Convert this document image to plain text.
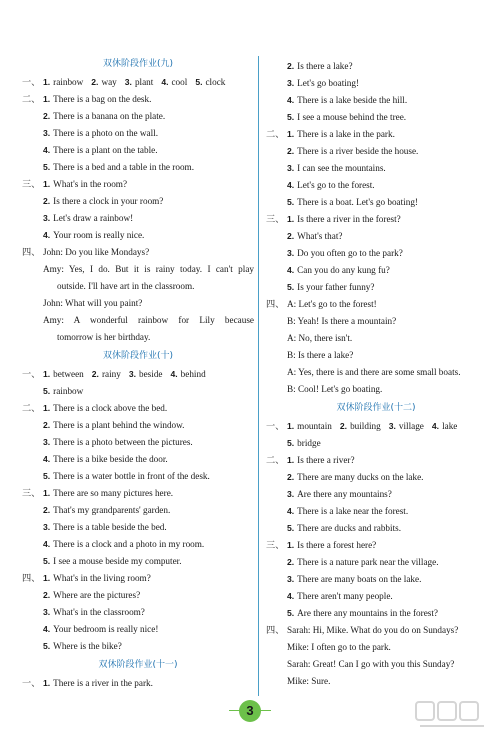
双休阶段作业(九)
一、 1. rainbow 2. way 3. plant 4. cool 5. clock
二、 1. There is a bag on the desk.
2. There is a banana on the plate.
3. There is a photo on the wall.
4. There is a plant on the table.
5. There is a bed and a table in the room.
三、 1. What's in the room?
2. Is there a clock in your room?
3. Let's draw a rainbow!
4. Your room is really nice.
四、 John: Do you like Mondays?
Amy: Yes, I do. But it is rainy today. I can't play
outside. I'll have art in the classroom.
John: What will you paint?
Amy: A wonderful rainbow for Lily because
tomorrow is her birthday.
双休阶段作业(十)
一、 1. between 2. rainy 3. beside 4. behind
5. rainbow
二、 1. There is a clock above the bed.
2. There is a plant behind the window.
3. There is a photo between the pictures.
4. There is a bike beside the door.
5. There is a water bottle in front of the desk.
三、 1. There are so many pictures here.
2. That's my grandparents' garden.
3. There is a table beside the bed.
4. There is a clock and a photo in my room.
5. I see a mouse beside my computer.
四、 1. What's in the living room?
2. Where are the pictures?
3. What's in the classroom?
4. Your bedroom is really nice!
5. Where is the bike?
双休阶段作业(十一)
一、 1. There is a river in the park.
2. Is there a lake?
3. Let's go boating!
4. There is a lake beside the hill.
5. I see a mouse behind the tree.
二、 1. There is a lake in the park.
2. There is a river beside the house.
3. I can see the mountains.
4. Let's go to the forest.
5. There is a boat. Let's go boating!
三、 1. Is there a river in the forest?
2. What's that?
3. Do you often go to the park?
4. Can you do any kung fu?
5. Is your father funny?
四、 A: Let's go to the forest!
B: Yeah! Is there a mountain?
A: No, there isn't.
B: Is there a lake?
A: Yes, there is and there are some small boats.
B: Cool! Let's go boating.
双休阶段作业(十二)
一、 1. mountain 2. building 3. village 4. lake
5. bridge
二、 1. Is there a river?
2. There are many ducks on the lake.
3. Are there any mountains?
4. There is a lake near the forest.
5. There are ducks and rabbits.
三、 1. Is there a forest here?
2. There is a nature park near the village.
3. There are many boats on the lake.
4. There aren't many people.
5. Are there any mountains in the forest?
四、 Sarah: Hi, Mike. What do you do on Sundays?
Mike: I often go to the park.
Sarah: Great! Can I go with you this Sunday?
Mike: Sure.
3
